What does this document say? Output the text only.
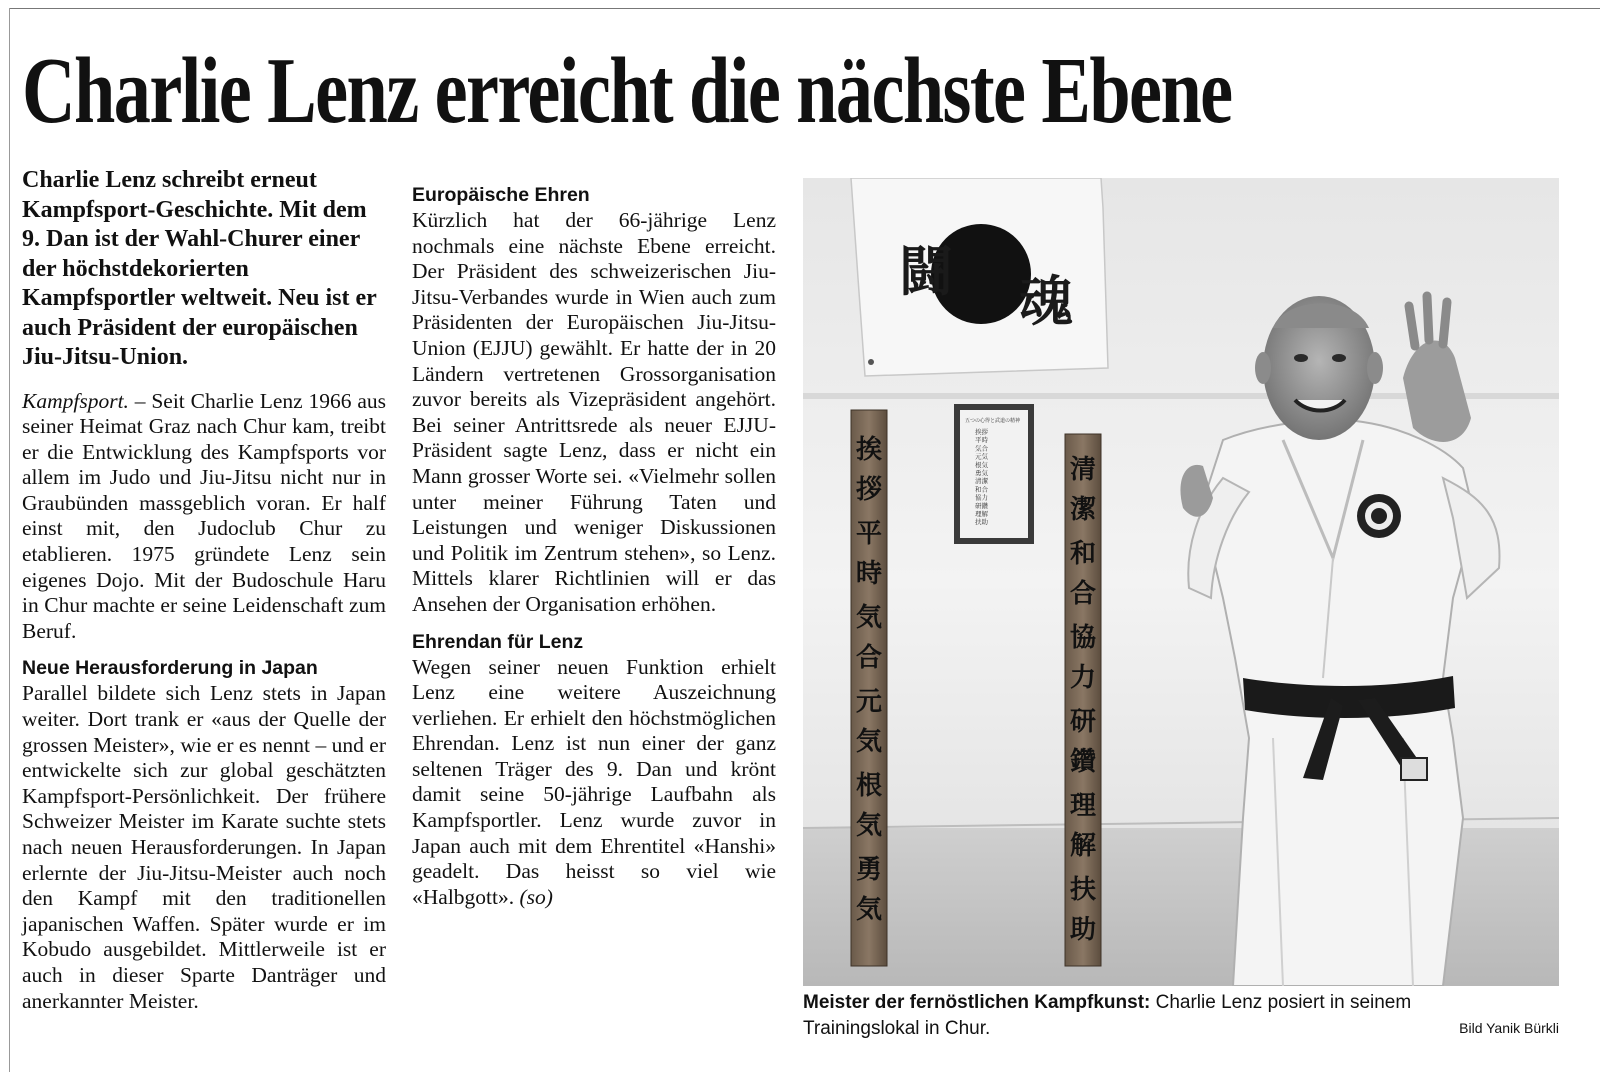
Charlie Lenz erreicht die nächste Ebene

Charlie Lenz schreibt erneut Kampfsport-Geschichte. Mit dem 9. Dan ist der Wahl-Churer einer der höchstdekorierten Kampfsportler weltweit. Neu ist er auch Präsident der europäischen Jiu-Jitsu-Union.

Kampfsport. – Seit Charlie Lenz 1966 aus seiner Heimat Graz nach Chur kam, treibt er die Entwicklung des Kampfsports vor allem im Judo und Jiu-Jitsu nicht nur in Graubünden massgeblich voran. Er half einst mit, den Judoclub Chur zu etablieren. 1975 gründete Lenz sein eigenes Dojo. Mit der Budoschule Haru in Chur machte er seine Leidenschaft zum Beruf.

Neue Herausforderung in Japan

Parallel bildete sich Lenz stets in Japan weiter. Dort trank er «aus der Quelle der grossen Meister», wie er es nennt – und er entwickelte sich zur global geschätzten Kampfsport-Persönlichkeit. Der frühere Schweizer Meister im Karate suchte stets nach neuen Herausforderungen. In Japan erlernte der Jiu-Jitsu-Meister auch noch den Kampf mit den traditionellen japanischen Waffen. Später wurde er im Kobudo ausgebildet. Mittlerweile ist er auch in dieser Sparte Danträger und anerkannter Meister.

Europäische Ehren

Kürzlich hat der 66-jährige Lenz nochmals eine nächste Ebene erreicht. Der Präsident des schweizerischen Jiu-Jitsu-Verbandes wurde in Wien auch zum Präsidenten der Europäischen Jiu-Jitsu-Union (EJJU) gewählt. Er hatte der in 20 Ländern vertretenen Grossorganisation zuvor bereits als Vizepräsident angehört. Bei seiner Antrittsrede als neuer EJJU-Präsident sagte Lenz, dass er nicht ein Mann grosser Worte sei. «Vielmehr sollen unter meiner Führung Taten und Leistungen und weniger Diskussionen und Politik im Zentrum stehen», so Lenz. Mittels klarer Richtlinien will er das Ansehen der Organisation erhöhen.

Ehrendan für Lenz

Wegen seiner neuen Funktion erhielt Lenz eine weitere Auszeichnung verliehen. Er erhielt den höchstmöglichen Ehrendan. Lenz ist nun einer der ganz seltenen Träger des 9. Dan und krönt damit seine 50-jährige Laufbahn als Kampfsportler. Lenz wurde zuvor in Japan auch mit dem Ehrentitel «Hanshi» geadelt. Das heisst so viel wie «Halbgott». (so)

闘 魂
挨
拶
平
時
気
合
元
気
根
気
勇
気
五つの心得と武道の精神
挨拶
平時
気合
元気
根気
勇気
清潔
和合
協力
研鑽
理解
扶助
清
潔
和
合
協
力
研
鑽
理
解
扶
助
Meister der fernöstlichen Kampfkunst: Charlie Lenz posiert in seinem Trainingslokal in Chur.	Bild Yanik Bürkli
